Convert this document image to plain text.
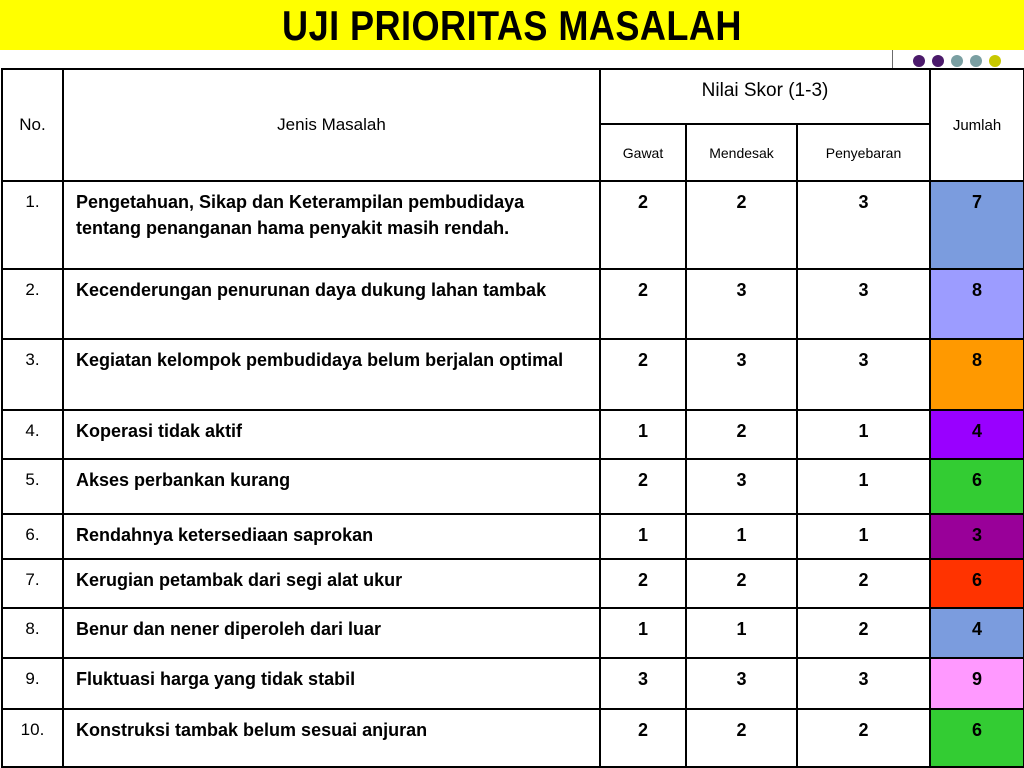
UJI PRIORITAS MASALAH
No.	Jenis Masalah	Nilai Skor (1-3)			Jumlah
		Gawat	Mendesak	Penyebaran	
1.	Pengetahuan, Sikap dan Keterampilan pembudidaya tentang penanganan hama penyakit masih rendah.	2	2	3	7
2.	Kecenderungan penurunan daya dukung lahan tambak	2	3	3	8
3.	Kegiatan kelompok pembudidaya belum berjalan optimal	2	3	3	8
4.	Koperasi tidak aktif	1	2	1	4
5.	Akses perbankan kurang	2	3	1	6
6.	Rendahnya ketersediaan saprokan	1	1	1	3
7.	Kerugian petambak dari segi alat ukur	2	2	2	6
8.	Benur dan nener diperoleh dari luar	1	1	2	4
9.	Fluktuasi harga yang tidak stabil	3	3	3	9
10.	Konstruksi tambak belum sesuai anjuran	2	2	2	6
